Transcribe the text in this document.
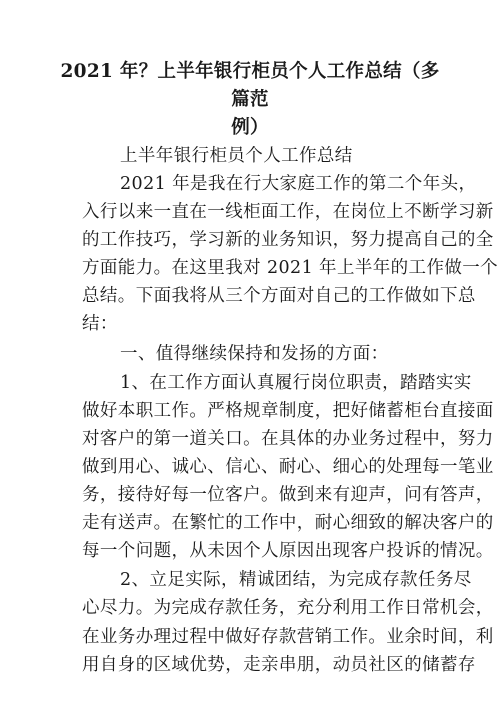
2021 年？上半年银行柜员个人工作总结（多篇范
例）
上半年银行柜员个人工作总结
2021 年是我在行大家庭工作的第二个年头，
入行以来一直在一线柜面工作，在岗位上不断学习新
的工作技巧，学习新的业务知识，努力提高自己的全
方面能力。在这里我对 2021 年上半年的工作做一个
总结。下面我将从三个方面对自己的工作做如下总
结：
一、值得继续保持和发扬的方面：
1、在工作方面认真履行岗位职责，踏踏实实
做好本职工作。严格规章制度，把好储蓄柜台直接面
对客户的第一道关口。在具体的办业务过程中，努力
做到用心、诚心、信心、耐心、细心的处理每一笔业
务，接待好每一位客户。做到来有迎声，问有答声，
走有送声。在繁忙的工作中，耐心细致的解决客户的
每一个问题，从未因个人原因出现客户投诉的情况。
2、立足实际，精诚团结，为完成存款任务尽
心尽力。为完成存款任务，充分利用工作日常机会，
在业务办理过程中做好存款营销工作。业余时间，利
用自身的区域优势，走亲串朋，动员社区的储蓄存
